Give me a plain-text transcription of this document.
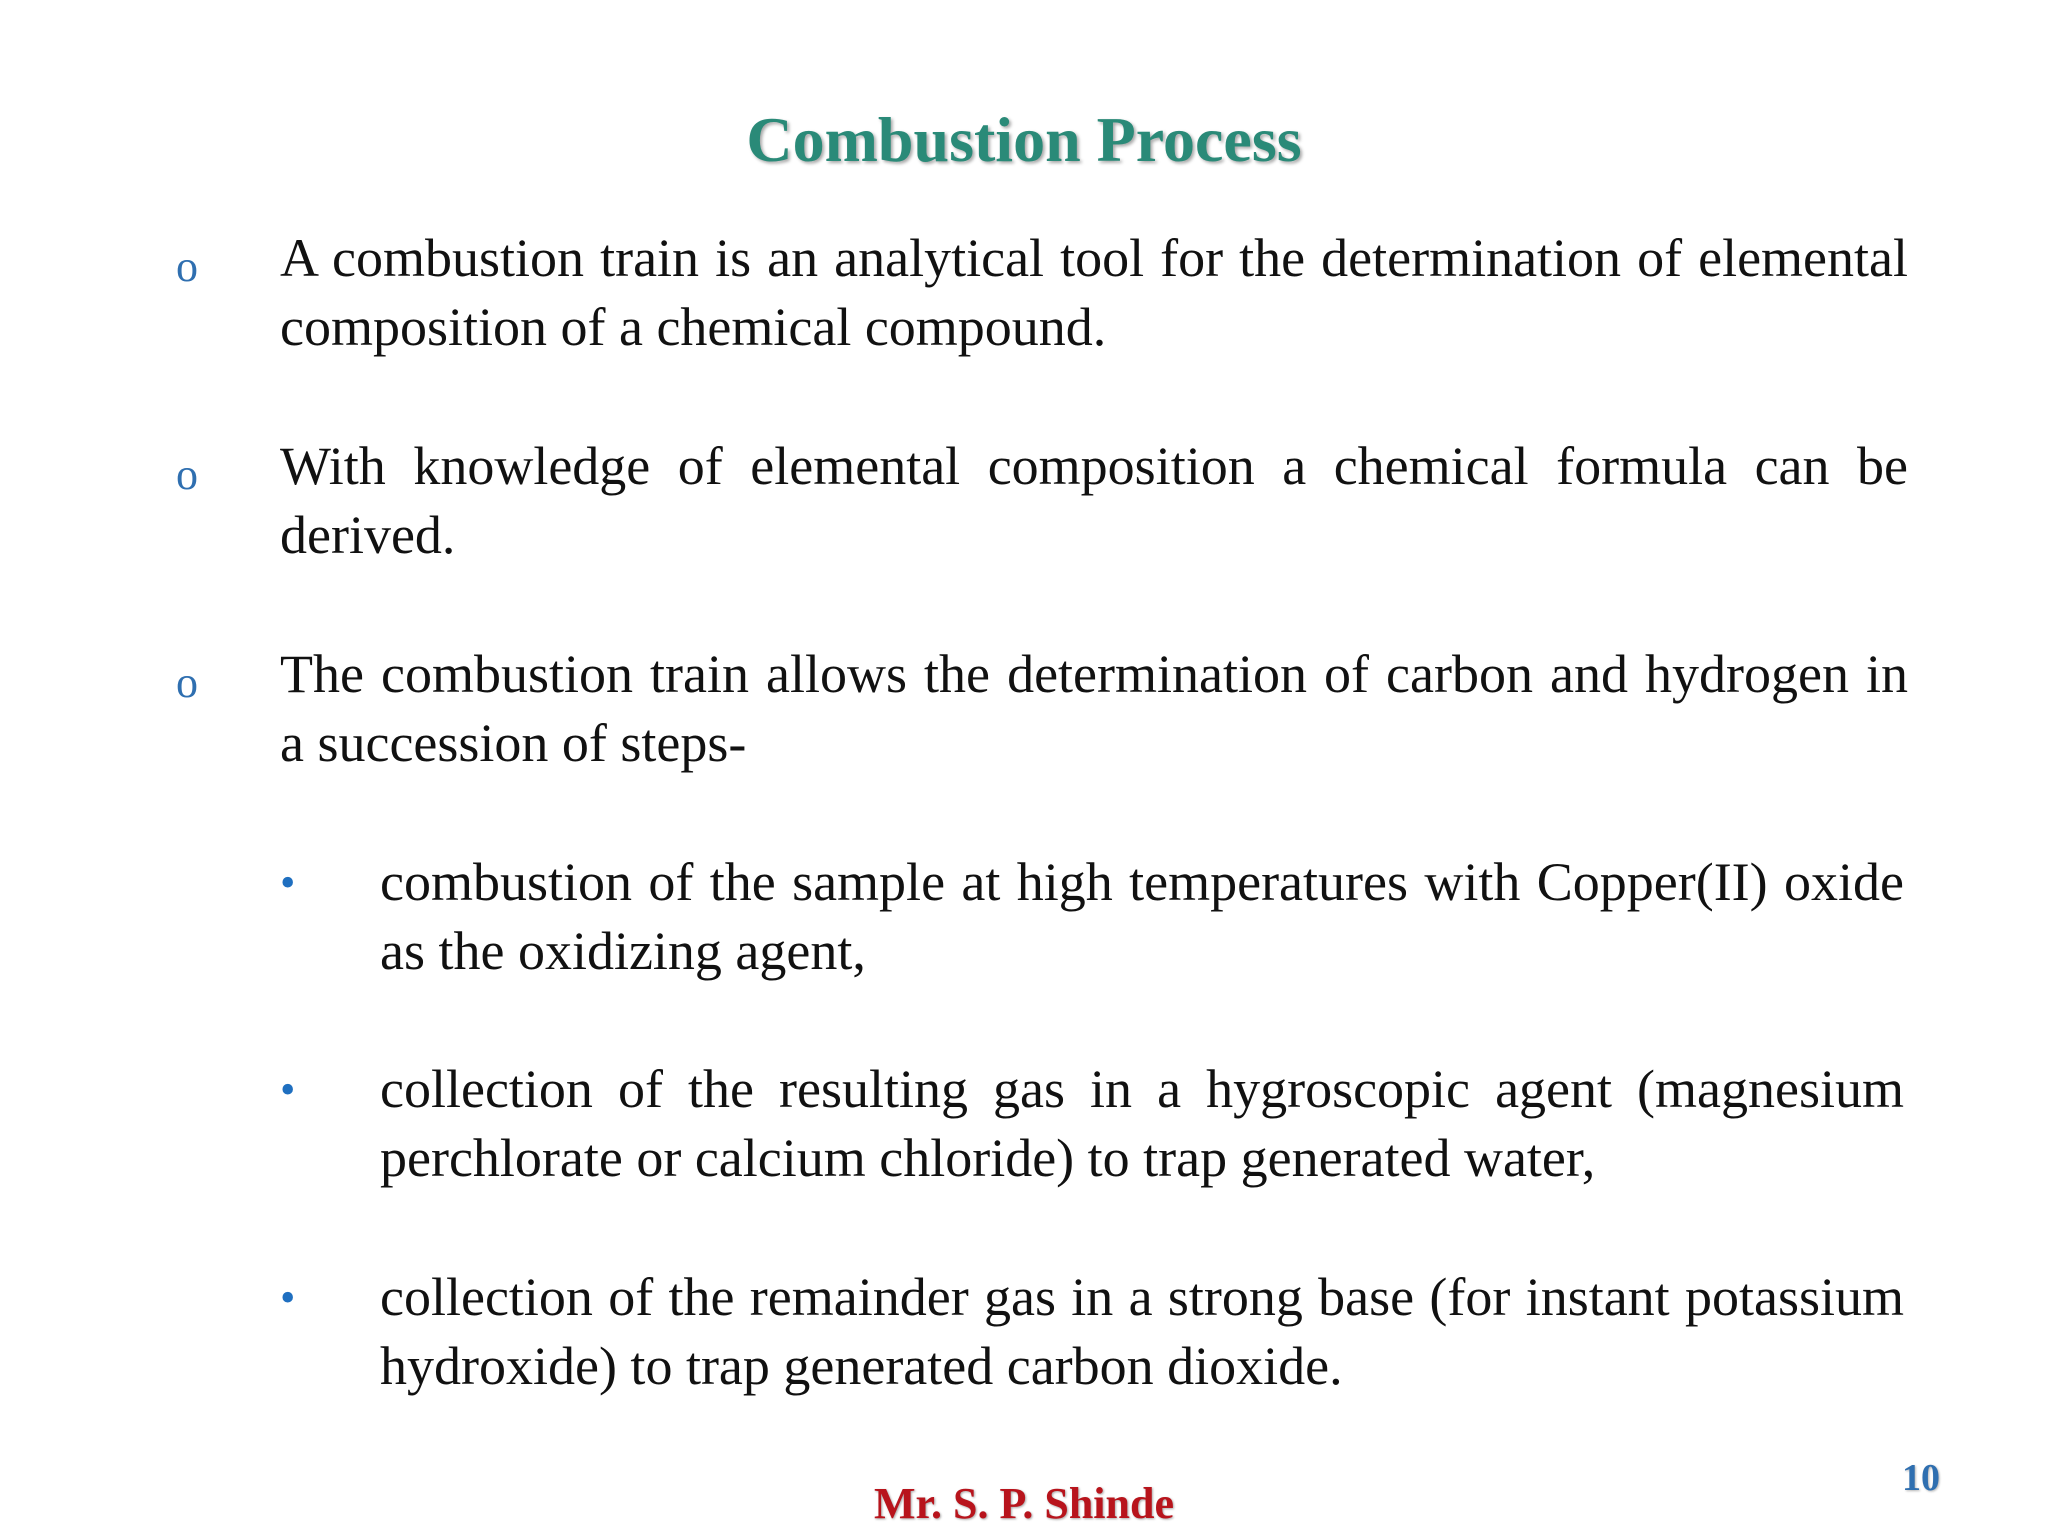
Combustion Process
o A combustion train is an analytical tool for the determination of elemental composition of a chemical compound.
o With knowledge of elemental composition a chemical formula can be derived.
o The combustion train allows the determination of carbon and hydrogen in a succession of steps-
• combustion of the sample at high temperatures with Copper(II) oxide as the oxidizing agent,
• collection of the resulting gas in a hygroscopic agent (magnesium perchlorate or calcium chloride) to trap generated water,
• collection of the remainder gas in a strong base (for instant potassium hydroxide) to trap generated carbon dioxide.
Mr. S. P. Shinde
10
